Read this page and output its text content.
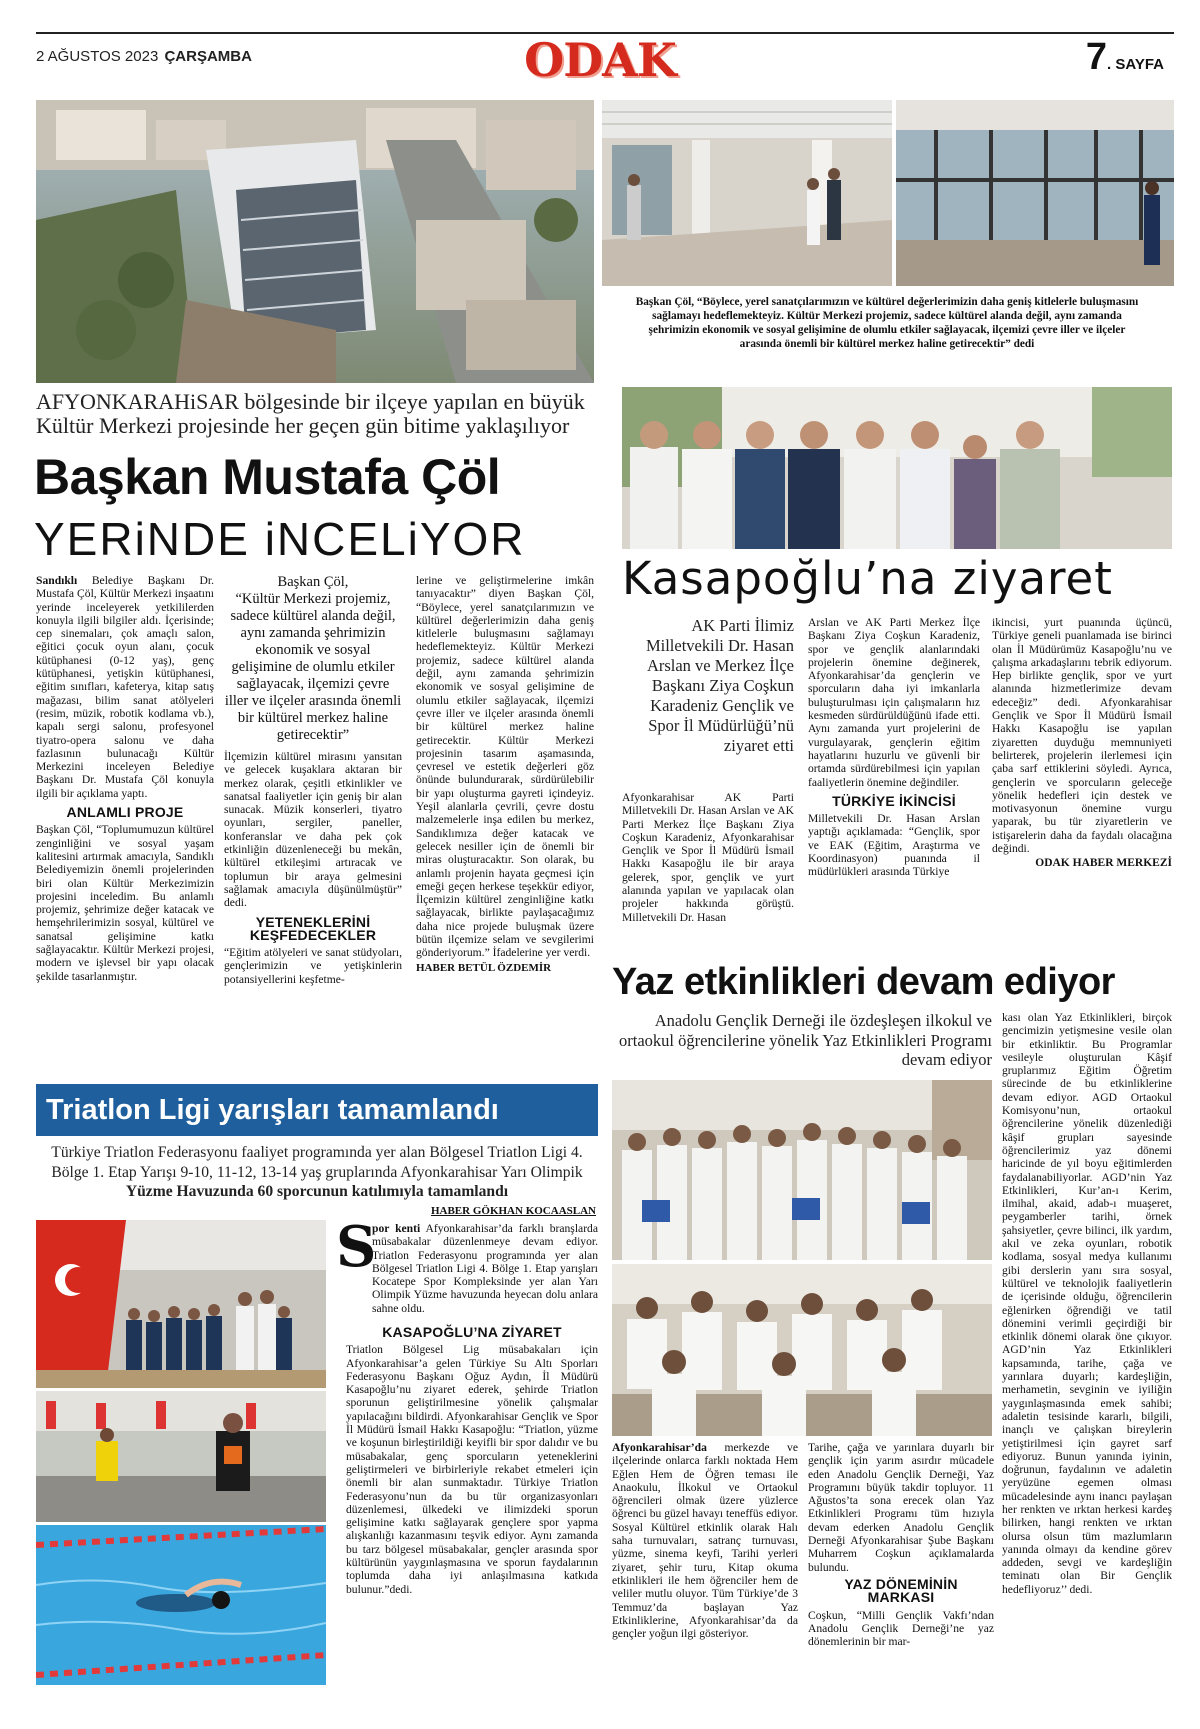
2 AĞUSTOS 2023 ÇARŞAMBA	ODAK	7. SAYFA
Başkan Çöl, “Böylece, yerel sanatçılarımızın ve kültürel değerlerimizin daha geniş kitlelerle buluşmasını sağlamayı hedeflemekteyiz. Kültür Merkezi projemiz, sadece kültürel alanda değil, aynı zamanda şehrimizin ekonomik ve sosyal gelişimine de olumlu etkiler sağlayacak, ilçemizi çevre iller ve ilçeler arasında önemli bir kültürel merkez haline getirecektir” dedi
AFYONKARAHiSAR bölgesinde bir ilçeye yapılan en büyük
Kültür Merkezi projesinde her geçen gün bitime yaklaşılıyor
Başkan Mustafa Çöl
YERiNDE iNCELiYOR

Sandıklı Belediye Başkanı Dr. Mustafa Çöl, Kültür Merkezi inşaatını yerinde inceleyerek yetkililerden konuyla ilgili bilgiler aldı. İçerisinde; cep sinemaları, çok amaçlı salon, eğitici çocuk oyun alanı, çocuk kütüphanesi (0-12 yaş), genç kütüphanesi, yetişkin kütüphanesi, eğitim sınıfları, kafeterya, kitap satış mağazası, bilim sanat atölyeleri (resim, müzik, robotik kodlama vb.), kapalı sergi salonu, profesyonel tiyatro-opera salonu ve daha fazlasının bulunacağı Kültür Merkezini inceleyen Belediye Başkanı Dr. Mustafa Çöl konuyla ilgili bir açıklama yaptı.

ANLAMLI PROJE

Başkan Çöl, “Toplumumuzun kültürel zenginliğini ve sosyal yaşam kalitesini artırmak amacıyla, Sandıklı Belediyemizin önemli projelerinden biri olan Kültür Merkezimizin projesini inceledim. Bu anlamlı projemiz, şehrimize değer katacak ve hemşehrilerimizin sosyal, kültürel ve sanatsal gelişimine katkı sağlayacaktır. Kültür Merkezi projesi, modern ve işlevsel bir yapı olacak şekilde tasarlanmıştır.

Başkan Çöl,
“Kültür Merkezi projemiz, sadece kültürel alanda değil, aynı zamanda şehrimizin ekonomik ve sosyal gelişimine de olumlu etkiler sağlayacak, ilçemizi çevre iller ve ilçeler arasında önemli bir kültürel merkez haline getirecektir”

İlçemizin kültürel mirasını yansıtan ve gelecek kuşaklara aktaran bir merkez olarak, çeşitli etkinlikler ve sanatsal faaliyetler için geniş bir alan sunacak. Müzik konserleri, tiyatro oyunları, sergiler, paneller, konferanslar ve daha pek çok etkinliğin düzenleneceği bu mekân, kültürel etkileşimi artıracak ve toplumun bir araya gelmesini sağlamak amacıyla düşünülmüştür” dedi.

YETENEKLERİNİ KEŞFEDECEKLER

“Eğitim atölyeleri ve sanat stüdyoları, gençlerimizin ve yetişkinlerin potansiyellerini keşfetme-

lerine ve geliştirmelerine imkân tanıyacaktır” diyen Başkan Çöl, “Böylece, yerel sanatçılarımızın ve kültürel değerlerimizin daha geniş kitlelerle buluşmasını sağlamayı hedeflemekteyiz. Kültür Merkezi projemiz, sadece kültürel alanda değil, aynı zamanda şehrimizin ekonomik ve sosyal gelişimine de olumlu etkiler sağlayacak, ilçemizi çevre iller ve ilçeler arasında önemli bir kültürel merkez haline getirecektir. Kültür Merkezi projesinin tasarım aşamasında, çevresel ve estetik değerleri göz önünde bulundurarak, sürdürülebilir bir yapı oluşturma gayreti içindeyiz. Yeşil alanlarla çevrili, çevre dostu malzemelerle inşa edilen bu merkez, Sandıklımıza değer katacak ve gelecek nesiller için de önemli bir miras oluşturacaktır. Son olarak, bu anlamlı projenin hayata geçmesi için emeği geçen herkese teşekkür ediyor, İlçemizin kültürel zenginliğine katkı sağlayacak, birlikte paylaşacağımız daha nice projede buluşmak üzere bütün ilçemize selam ve sevgilerimi gönderiyorum.” İfadelerine yer verdi.

HABER BETÜL ÖZDEMİR
Kasapoğlu’na ziyaret
AK Parti İlimiz Milletvekili Dr. Hasan Arslan ve Merkez İlçe Başkanı Ziya Coşkun Karadeniz Gençlik ve Spor İl Müdürlüğü’nü ziyaret etti
Afyonkarahisar AK Parti Milletvekili Dr. Hasan Arslan ve AK Parti Merkez İlçe Başkanı Ziya Coşkun Karadeniz, Afyonkarahisar Gençlik ve Spor İl Müdürü İsmail Hakkı Kasapoğlu ile bir araya gelerek, spor, gençlik ve yurt alanında yapılan ve yapılacak olan projeler hakkında görüştü. Milletvekili Dr. Hasan

Arslan ve AK Parti Merkez İlçe Başkanı Ziya Coşkun Karadeniz, spor ve gençlik alanlarındaki projelerin önemine değinerek, Afyonkarahisar’da gençlerin ve sporcuların daha iyi imkanlarla buluşturulması için çalışmaların hız kesmeden sürdürüldüğünü ifade etti. Aynı zamanda yurt projelerini de vurgulayarak, gençlerin eğitim hayatlarını huzurlu ve güvenli bir ortamda sürdürebilmesi için yapılan faaliyetlerin önemine değindiler.

TÜRKİYE İKİNCİSİ

Milletvekili Dr. Hasan Arslan yaptığı açıklamada: “Gençlik, spor ve EAK (Eğitim, Araştırma ve Koordinasyon) puanında il müdürlükleri arasında Türkiye

ikincisi, yurt puanında üçüncü, Türkiye geneli puanlamada ise birinci olan İl Müdürümüz Kasapoğlu’nu ve çalışma arkadaşlarını tebrik ediyorum. Hep birlikte gençlik, spor ve yurt alanında hizmetlerimize devam edeceğiz” dedi. Afyonkarahisar Gençlik ve Spor İl Müdürü İsmail Hakkı Kasapoğlu ise yapılan ziyaretten duyduğu memnuniyeti belirterek, projelerin ilerlemesi için çaba sarf ettiklerini söyledi. Ayrıca, gençlerin ve sporcuların geleceğe yönelik hedefleri için destek ve motivasyonun önemine vurgu yaparak, bu tür ziyaretlerin ve istişarelerin daha da faydalı olacağına değindi.

ODAK HABER MERKEZİ
Yaz etkinlikleri devam ediyor
Anadolu Gençlik Derneği ile özdeşleşen ilkokul ve ortaokul öğrencilerine yönelik Yaz Etkinlikleri Programı devam ediyor
kası olan Yaz Etkinlikleri, birçok gencimizin yetişmesine vesile olan bir etkinliktir. Bu Programlar vesileyle oluşturulan Kâşif gruplarımız Eğitim Öğretim sürecinde de bu etkinliklerine devam ediyor. AGD Ortaokul Komisyonu’nun, ortaokul öğrencilerine yönelik düzenlediği kâşif grupları sayesinde öğrencilerimiz yaz dönemi haricinde de yıl boyu eğitimlerden faydalanabiliyorlar. AGD’nin Yaz Etkinlikleri, Kur’an-ı Kerim, ilmihal, akaid, adab-ı muaşeret, peygamberler tarihi, örnek şahsiyetler, çevre bilinci, ilk yardım, akıl ve zeka oyunları, robotik kodlama, sosyal medya kullanımı gibi derslerin yanı sıra sosyal, kültürel ve teknolojik faaliyetlerin de içerisinde olduğu, öğrencilerin eğlenirken öğrendiği ve tatil dönemini verimli geçirdiği bir etkinlik dönemi olarak öne çıkıyor. AGD’nin Yaz Etkinlikleri kapsamında, tarihe, çağa ve yarınlara duyarlı; kardeşliğin, merhametin, sevginin ve iyiliğin yaygınlaşmasında emek sahibi; adaletin tesisinde kararlı, bilgili, inançlı ve çalışkan bireylerin yetiştirilmesi için gayret sarf ediyoruz. Bunun yanında iyinin, doğrunun, faydalının ve adaletin yeryüzüne egemen olması mücadelesinde aynı inancı paylaşan her renkten ve ırktan herkesi kardeş bilirken, hangi renkten ve ırktan olursa olsun tüm mazlumların yanında olmayı da kendine görev addeden, sevgi ve kardeşliğin teminatı olan Bir Gençlik hedefliyoruz’’ dedi.

Afyonkarahisar’da merkezde ve ilçelerinde onlarca farklı noktada Hem Eğlen Hem de Öğren teması ile Anaokulu, İlkokul ve Ortaokul öğrencileri olmak üzere yüzlerce öğrenci bu güzel havayı teneffüs ediyor. Sosyal Kültürel etkinlik olarak Halı saha turnuvaları, satranç turnuvası, yüzme, sinema keyfi, Tarihi yerleri ziyaret, şehir turu, Kitap okuma etkinlikleri ile hem öğrenciler hem de veliler mutlu oluyor. Tüm Türkiye’de 3 Temmuz’da başlayan Yaz Etkinliklerine, Afyonkarahisar’da da gençler yoğun ilgi gösteriyor.

Tarihe, çağa ve yarınlara duyarlı bir gençlik için yarım asırdır mücadele eden Anadolu Gençlik Derneği, Yaz Programını büyük takdir topluyor. 11 Ağustos’ta sona erecek olan Yaz Etkinlikleri Programı tüm hızıyla devam ederken Anadolu Gençlik Derneği Afyonkarahisar Şube Başkanı Muharrem Coşkun açıklamalarda bulundu.

YAZ DÖNEMİNİN MARKASI

Coşkun, “Milli Gençlik Vakfı’ndan Anadolu Gençlik Derneği’ne yaz dönemlerinin bir mar-

Triatlon Ligi yarışları tamamlandı
Türkiye Triatlon Federasyonu faaliyet programında yer alan Bölgesel Triatlon Ligi 4. Bölge 1. Etap Yarışı 9-10, 11-12, 13-14 yaş gruplarında Afyonkarahisar Yarı Olimpik Yüzme Havuzunda 60 sporcunun katılımıyla tamamlandı
HABER GÖKHAN KOCAASLAN
S

por kenti Afyonkarahisar’da farklı branşlarda müsabakalar düzenlenmeye devam ediyor. Triatlon Federasyonu programında yer alan Bölgesel Triatlon Ligi 4. Bölge 1. Etap yarışları Kocatepe Spor Kompleksinde yer alan Yarı Olimpik Yüzme havuzunda heyecan dolu anlara sahne oldu.

KASAPOĞLU’NA ZİYARET

Triatlon Bölgesel Lig müsabakaları için Afyonkarahisar’a gelen Türkiye Su Altı Sporları Federasyonu Başkanı Oğuz Aydın, İl Müdürü Kasapoğlu’nu ziyaret ederek, şehirde Triatlon sporunun geliştirilmesine yönelik çalışmalar yapılacağını bildirdi. Afyonkarahisar Gençlik ve Spor İl Müdürü İsmail Hakkı Kasapoğlu: “Triatlon, yüzme ve koşunun birleştirildiği keyifli bir spor dalıdır ve bu müsabakalar, genç sporcuların yeteneklerini geliştirmeleri ve birbirleriyle rekabet etmeleri için önemli bir alan sunmaktadır. Türkiye Triatlon Federasyonu’nun da bu tür organizasyonları düzenlemesi, ülkedeki ve ilimizdeki sporun gelişimine katkı sağlayarak gençlere spor yapma alışkanlığı kazanmasını teşvik ediyor. Aynı zamanda bu tarz bölgesel müsabakalar, gençler arasında spor kültürünün yaygınlaşmasına ve sporun faydalarının toplumda daha iyi anlaşılmasına katkıda bulunur.”dedi.
